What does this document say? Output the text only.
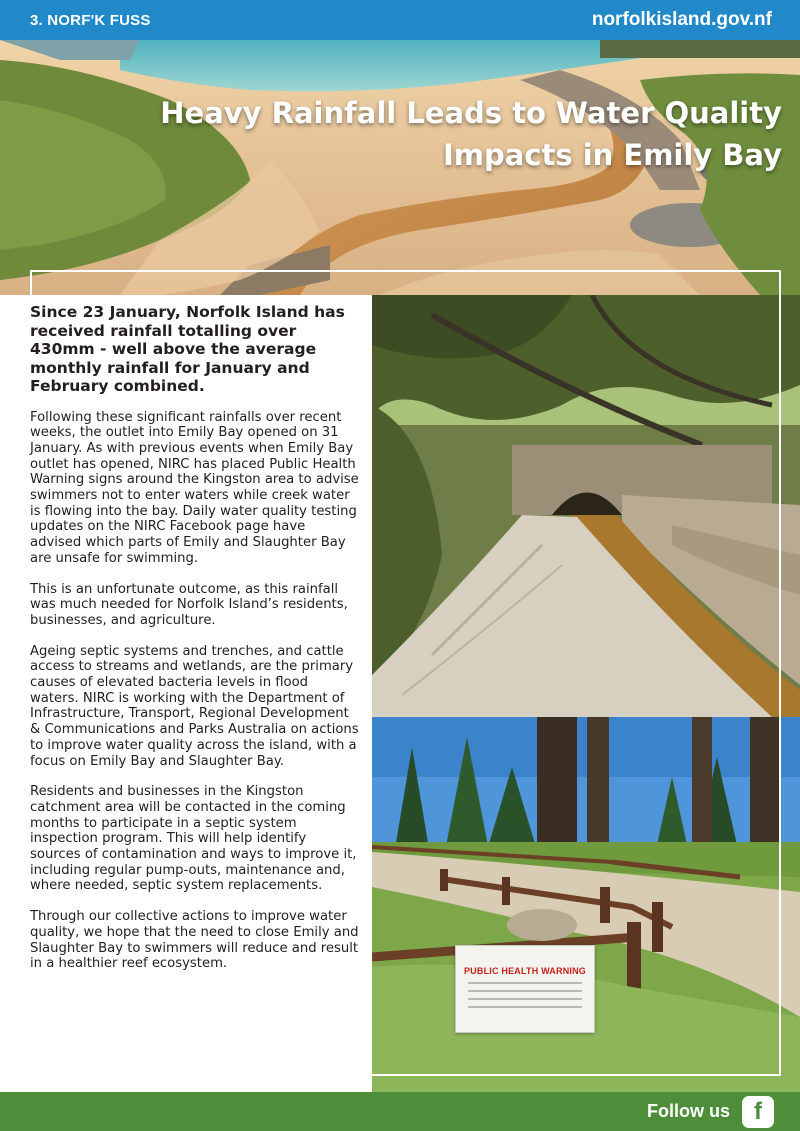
3. NORF'K FUSS	norfolkisland.gov.nf
Heavy Rainfall Leads to Water Quality
Impacts in Emily Bay
PUBLIC HEALTH WARNING

Since 23 January, Norfolk Island has received rainfall totalling over 430mm - well above the average monthly rainfall for January and February combined.

Following these significant rainfalls over recent weeks, the outlet into Emily Bay opened on 31 January. As with previous events when Emily Bay outlet has opened, NIRC has placed Public Health Warning signs around the Kingston area to advise swimmers not to enter waters while creek water is flowing into the bay. Daily water quality testing updates on the NIRC Facebook page have advised which parts of Emily and Slaughter Bay are unsafe for swimming.

This is an unfortunate outcome, as this rainfall was much needed for Norfolk Island’s residents, businesses, and agriculture.

Ageing septic systems and trenches, and cattle access to streams and wetlands, are the primary causes of elevated bacteria levels in flood waters. NIRC is working with the Department of Infrastructure, Transport, Regional Development & Communications and Parks Australia on actions to improve water quality across the island, with a focus on Emily Bay and Slaughter Bay.

Residents and businesses in the Kingston catchment area will be contacted in the coming months to participate in a septic system inspection program. This will help identify sources of contamination and ways to improve it, including regular pump-outs, maintenance and, where needed, septic system replacements.

Through our collective actions to improve water quality, we hope that the need to close Emily and Slaughter Bay to swimmers will reduce and result in a healthier reef ecosystem.

Follow us f
